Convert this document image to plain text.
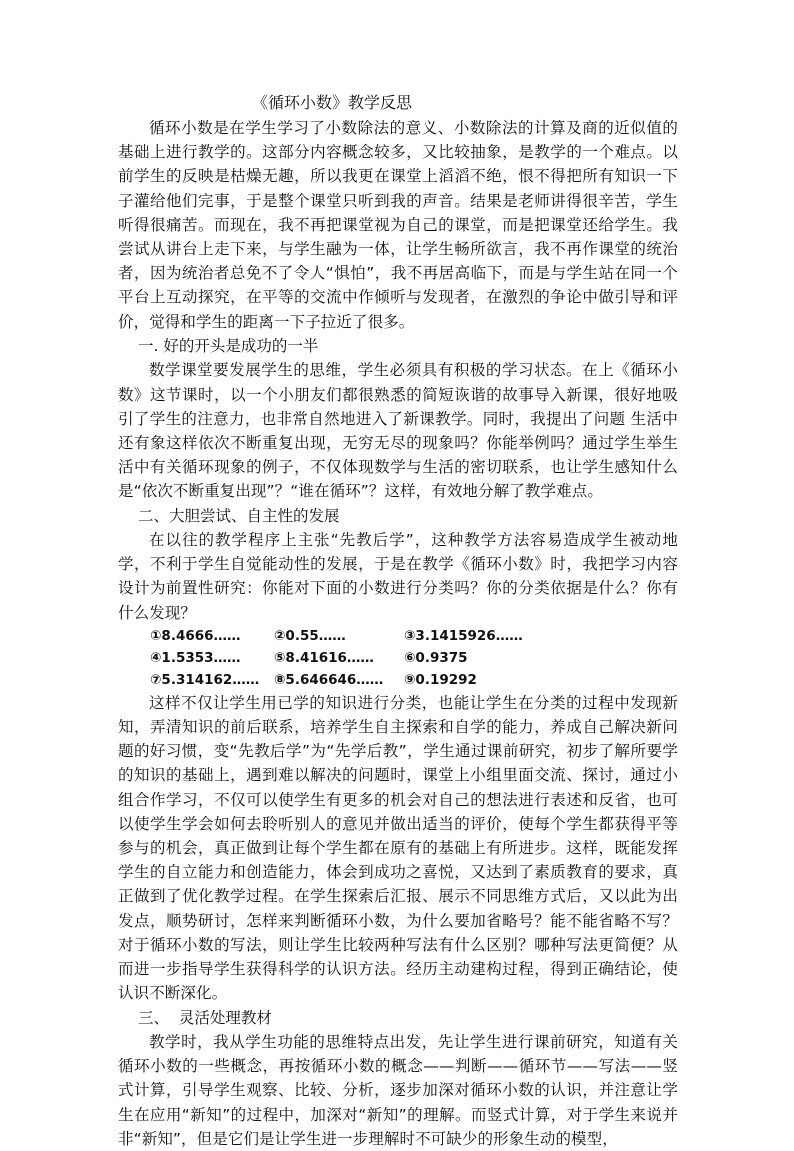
《循环小数》教学反思

循环小数是在学生学习了小数除法的意义、小数除法的计算及商的近似值的基础上进行教学的。这部分内容概念较多，又比较抽象，是教学的一个难点。以前学生的反映是枯燥无趣，所以我更在课堂上滔滔不绝，恨不得把所有知识一下子灌给他们完事，于是整个课堂只听到我的声音。结果是老师讲得很辛苦，学生听得很痛苦。而现在，我不再把课堂视为自己的课堂，而是把课堂还给学生。我尝试从讲台上走下来，与学生融为一体，让学生畅所欲言，我不再作课堂的统治者，因为统治者总免不了令人“惧怕”，我不再居高临下，而是与学生站在同一个平台上互动探究，在平等的交流中作倾听与发现者，在激烈的争论中做引导和评价，觉得和学生的距离一下子拉近了很多。

一. 好的开头是成功的一半

数学课堂要发展学生的思维，学生必须具有积极的学习状态。在上《循环小数》这节课时，以一个小朋友们都很熟悉的简短诙谐的故事导入新课，很好地吸引了学生的注意力，也非常自然地进入了新课教学。同时，我提出了问题 生活中还有象这样依次不断重复出现，无穷无尽的现象吗？你能举例吗？通过学生举生活中有关循环现象的例子，不仅体现数学与生活的密切联系，也让学生感知什么是“依次不断重复出现”？“谁在循环”？这样，有效地分解了教学难点。

二、大胆尝试、自主性的发展

在以往的教学程序上主张“先教后学”，这种教学方法容易造成学生被动地学，不利于学生自觉能动性的发展，于是在教学《循环小数》时，我把学习内容设计为前置性研究：你能对下面的小数进行分类吗？你的分类依据是什么？你有什么发现？

①8.4666……	②0.55……	③3.1415926……
④1.5353……	⑤8.41616……	⑥0.9375
⑦5.314162……	⑧5.646646……	⑨0.19292

这样不仅让学生用已学的知识进行分类，也能让学生在分类的过程中发现新知，弄清知识的前后联系，培养学生自主探索和自学的能力，养成自己解决新问题的好习惯，变“先教后学”为“先学后教”，学生通过课前研究，初步了解所要学的知识的基础上，遇到难以解决的问题时，课堂上小组里面交流、探讨，通过小组合作学习，不仅可以使学生有更多的机会对自己的想法进行表述和反省，也可以使学生学会如何去聆听别人的意见并做出适当的评价，使每个学生都获得平等参与的机会，真正做到让每个学生都在原有的基础上有所进步。这样，既能发挥学生的自立能力和创造能力，体会到成功之喜悦，又达到了素质教育的要求，真正做到了优化教学过程。在学生探索后汇报、展示不同思维方式后，又以此为出发点，顺势研讨，怎样来判断循环小数，为什么要加省略号？能不能省略不写？对于循环小数的写法，则让学生比较两种写法有什么区别？哪种写法更简便？从而进一步指导学生获得科学的认识方法。经历主动建构过程，得到正确结论，使认识不断深化。

三、  灵活处理教材

教学时，我从学生功能的思维特点出发，先让学生进行课前研究，知道有关循环小数的一些概念，再按循环小数的概念——判断——循环节——写法——竖式计算，引导学生观察、比较、分析，逐步加深对循环小数的认识，并注意让学生在应用“新知”的过程中，加深对“新知”的理解。而竖式计算，对于学生来说并非“新知”，但是它们是让学生进一步理解时不可缺少的形象生动的模型，
